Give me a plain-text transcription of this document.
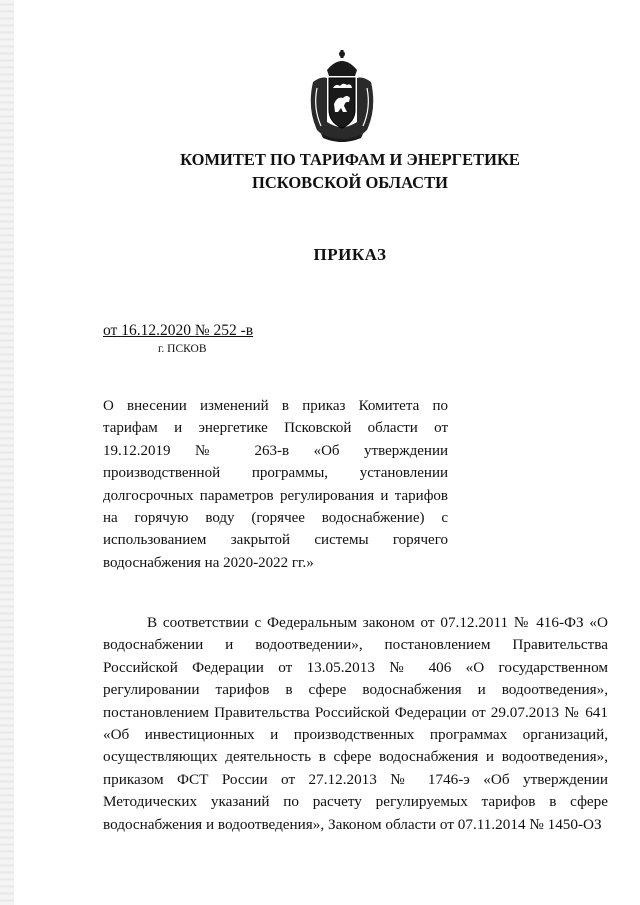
КОМИТЕТ ПО ТАРИФАМ И ЭНЕРГЕТИКЕ
ПСКОВСКОЙ ОБЛАСТИ
ПРИКАЗ
от 16.12.2020 № 252 -в
г. ПСКОВ
О внесении изменений в приказ Комитета по тарифам и энергетике Псковской области от 19.12.2019 № 263-в «Об утверждении производственной программы, установлении долгосрочных параметров регулирования и тарифов на горячую воду (горячее водоснабжение) с использованием закрытой системы горячего водоснабжения на 2020-2022 гг.»
В соответствии с Федеральным законом от 07.12.2011 № 416-ФЗ «О водоснабжении и водоотведении», постановлением Правительства Российской Федерации от 13.05.2013 № 406 «О государственном регулировании тарифов в сфере водоснабжения и водоотведения», постановлением Правительства Российской Федерации от 29.07.2013 № 641 «Об инвестиционных и производственных программах организаций, осуществляющих деятельность в сфере водоснабжения и водоотведения», приказом ФСТ России от 27.12.2013 № 1746-э «Об утверждении Методических указаний по расчету регулируемых тарифов в сфере водоснабжения и водоотведения», Законом области от 07.11.2014 № 1450-ОЗ
